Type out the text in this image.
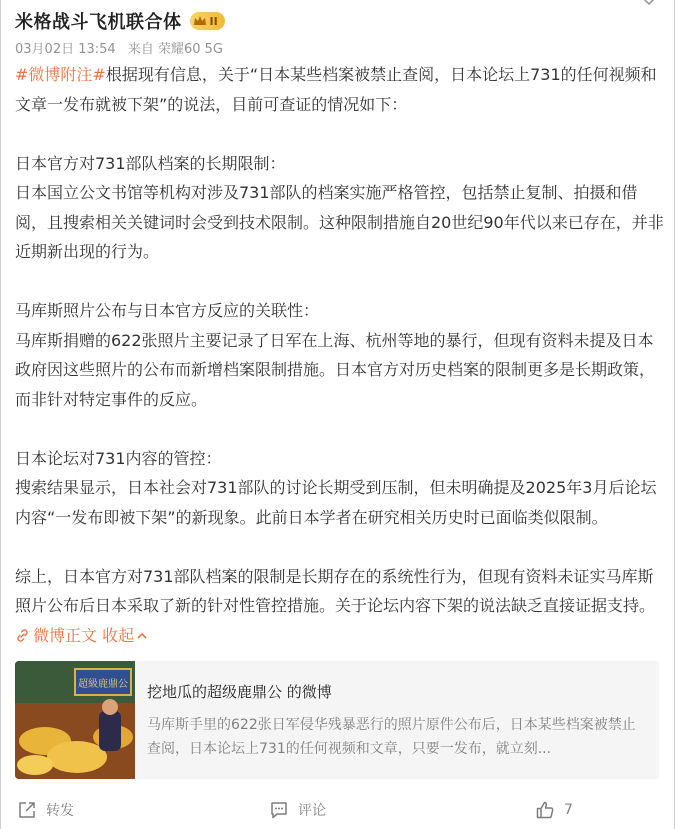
米格战斗飞机联合体	II
03月02日 13:54 来自 荣耀60 5G

#微博附注#根据现有信息，关于“日本某些档案被禁止查阅，日本论坛上731的任何视频和文章一发布就被下架”的说法，目前可查证的情况如下：

日本官方对731部队档案的长期限制：

日本国立公文书馆等机构对涉及731部队的档案实施严格管控，包括禁止复制、拍摄和借阅，且搜索相关关键词时会受到技术限制。这种限制措施自20世纪90年代以来已存在，并非近期新出现的行为。

马库斯照片公布与日本官方反应的关联性：

马库斯捐赠的622张照片主要记录了日军在上海、杭州等地的暴行，但现有资料未提及日本政府因这些照片的公布而新增档案限制措施。日本官方对历史档案的限制更多是长期政策，而非针对特定事件的反应。

日本论坛对731内容的管控：

搜索结果显示，日本社会对731部队的讨论长期受到压制，但未明确提及2025年3月后论坛内容“一发布即被下架”的新现象。此前日本学者在研究相关历史时已面临类似限制。

综上，日本官方对731部队档案的限制是长期存在的系统性行为，但现有资料未证实马库斯照片公布后日本采取了新的针对性管控措施。关于论坛内容下架的说法缺乏直接证据支持。 微博正文 收起

超級鹿鼎公 挖地瓜的超级鹿鼎公 的微博
马库斯手里的622张日军侵华残暴恶行的照片原件公布后，日本某些档案被禁止查阅，日本论坛上731的任何视频和文章，只要一发布，就立刻...
转发	评论	7
